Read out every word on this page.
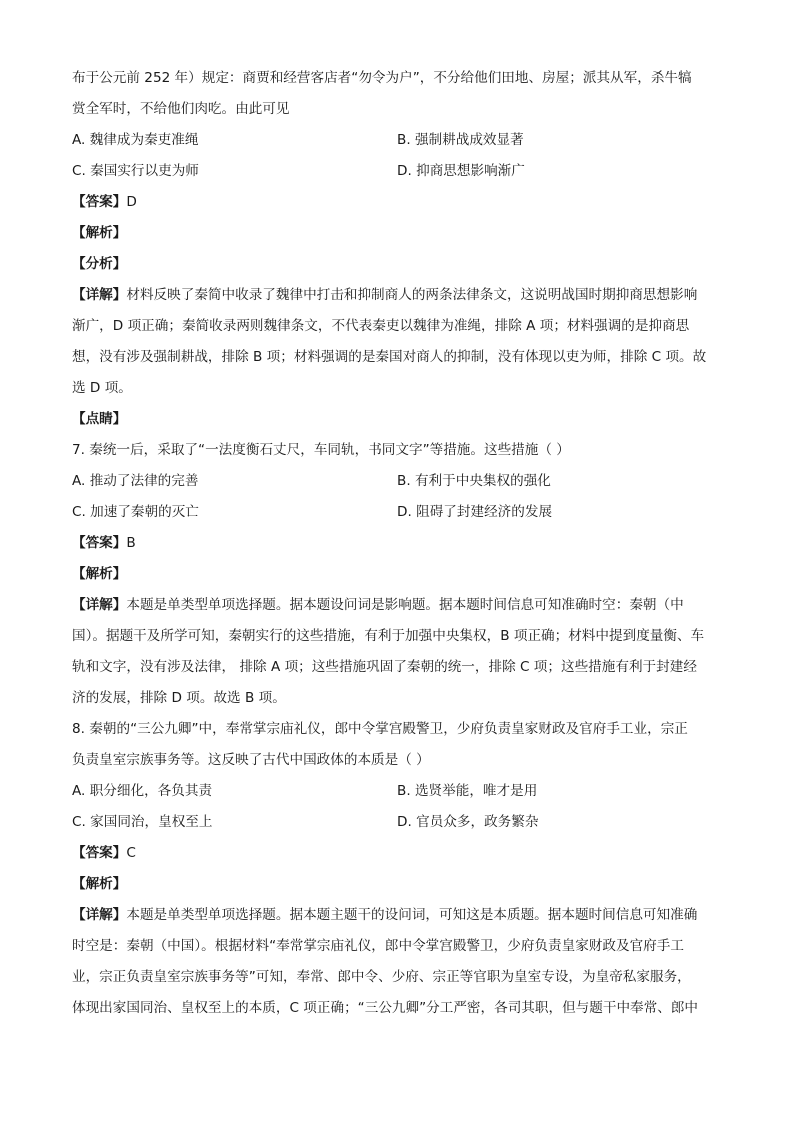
布于公元前 252 年）规定：商贾和经营客店者“勿令为户”，不分给他们田地、房屋；派其从军，杀牛犒
赏全军时，不给他们肉吃。由此可见
A. 魏律成为秦吏准绳	B. 强制耕战成效显著
C. 秦国实行以吏为师	D. 抑商思想影响渐广
【答案】D
【解析】
【分析】
【详解】材料反映了秦简中收录了魏律中打击和抑制商人的两条法律条文，这说明战国时期抑商思想影响
渐广，D 项正确；秦简收录两则魏律条文，不代表秦吏以魏律为准绳，排除 A 项；材料强调的是抑商思
想，没有涉及强制耕战，排除 B 项；材料强调的是秦国对商人的抑制，没有体现以吏为师，排除 C 项。故
选 D 项。
【点睛】
7. 秦统一后，采取了“一法度衡石丈尺，车同轨，书同文字”等措施。这些措施（ ）
A. 推动了法律的完善	B. 有利于中央集权的强化
C. 加速了秦朝的灭亡	D. 阻碍了封建经济的发展
【答案】B
【解析】
【详解】本题是单类型单项选择题。据本题设问词是影响题。据本题时间信息可知准确时空：秦朝（中
国）。据题干及所学可知，秦朝实行的这些措施，有利于加强中央集权，B 项正确；材料中提到度量衡、车
轨和文字，没有涉及法律， 排除 A 项；这些措施巩固了秦朝的统一，排除 C 项；这些措施有利于封建经
济的发展，排除 D 项。故选 B 项。
8. 秦朝的“三公九卿”中，奉常掌宗庙礼仪，郎中令掌宫殿警卫，少府负责皇家财政及官府手工业，宗正
负责皇室宗族事务等。这反映了古代中国政体的本质是（ ）
A. 职分细化，各负其责	B. 选贤举能，唯才是用
C. 家国同治，皇权至上	D. 官员众多，政务繁杂
【答案】C
【解析】
【详解】本题是单类型单项选择题。据本题主题干的设问词，可知这是本质题。据本题时间信息可知准确
时空是：秦朝（中国）。根据材料“奉常掌宗庙礼仪，郎中令掌宫殿警卫，少府负责皇家财政及官府手工
业，宗正负责皇室宗族事务等”可知，奉常、郎中令、少府、宗正等官职为皇室专设，为皇帝私家服务，
体现出家国同治、皇权至上的本质，C 项正确；“三公九卿”分工严密，各司其职，但与题干中奉常、郎中
